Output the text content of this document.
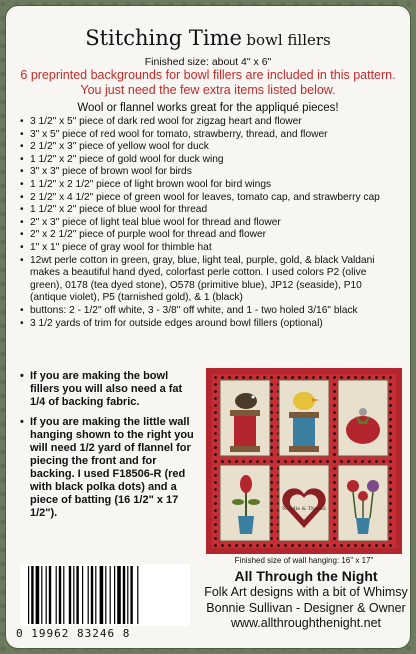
Stitching Time bowl fillers
Finished size: about 4" x 6"
6 preprinted backgrounds for bowl fillers are included in this pattern. You just need the few extra items listed below.
Wool or flannel works great for the appliqué pieces!
• 3 1/2" x 5" piece of dark red wool for zigzag heart and flower
• 3" x 5" piece of red wool for tomato, strawberry, thread, and flower
• 2 1/2" x 3" piece of yellow wool for duck
• 1 1/2" x 2" piece of gold wool for duck wing
• 3" x 3" piece of brown wool for birds
• 1 1/2" x 2 1/2" piece of light brown wool for bird wings
• 2 1/2" x 4 1/2" piece of green wool for leaves, tomato cap, and strawberry cap
• 1 1/2" x 2" piece of blue wool for thread
• 2" x 3" piece of light teal blue wool for thread and flower
• 2" x 2 1/2" piece of purple wool for thread and flower
• 1" x 1" piece of gray wool for thimble hat
• 12wt perle cotton in green, gray, blue, light teal, purple, gold, & black Valdani makes a beautiful hand dyed, colorfast perle cotton. I used colors P2 (olive green), 0178 (tea dyed stone), O578 (primitive blue), JP12 (seaside), P10 (antique violet), P5 (tarnished gold), & 1 (black)
• buttons: 2 - 1/2" off white, 3 - 3/8" off white, and 1 - two holed 3/16" black
• 3 1/2 yards of trim for outside edges around bowl fillers (optional)
• If you are making the bowl fillers you will also need a fat 1/4 of backing fabric.
• If you are making the little wall hanging shown to the right you will need 1/2 yard of flannel for piecing the front and for backing. I used F18506-R (red with black polka dots) and a piece of batting (16 1/2" x 17 1/2").	Needle & Thread
Finished size of wall hanging: 16" x 17"
0 19962 83246 8
All Through the Night
Folk Art designs with a bit of Whimsy
Bonnie Sullivan - Designer & Owner
www.allthroughthenight.net
